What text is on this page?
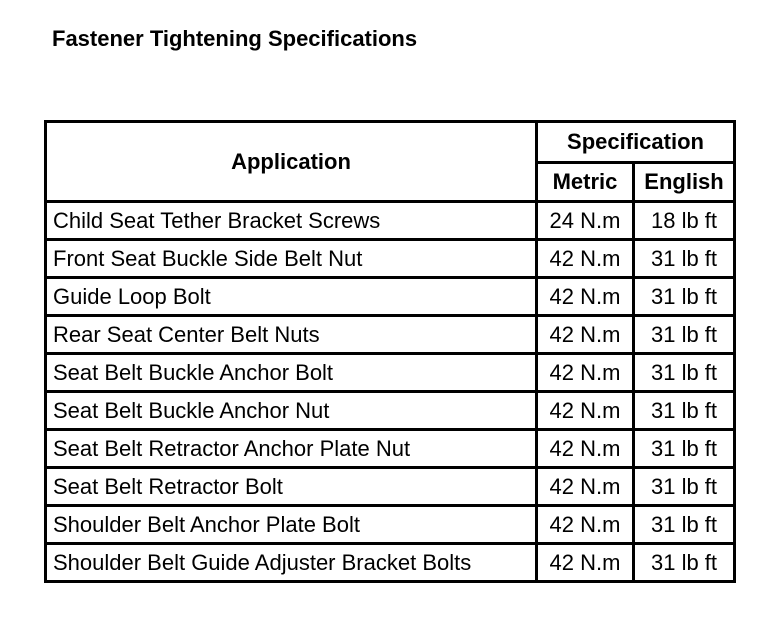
Fastener Tightening Specifications
Application	Specification	
	Metric	English
Child Seat Tether Bracket Screws	24 N.m	18 lb ft
Front Seat Buckle Side Belt Nut	42 N.m	31 lb ft
Guide Loop Bolt	42 N.m	31 lb ft
Rear Seat Center Belt Nuts	42 N.m	31 lb ft
Seat Belt Buckle Anchor Bolt	42 N.m	31 lb ft
Seat Belt Buckle Anchor Nut	42 N.m	31 lb ft
Seat Belt Retractor Anchor Plate Nut	42 N.m	31 lb ft
Seat Belt Retractor Bolt	42 N.m	31 lb ft
Shoulder Belt Anchor Plate Bolt	42 N.m	31 lb ft
Shoulder Belt Guide Adjuster Bracket Bolts	42 N.m	31 lb ft
